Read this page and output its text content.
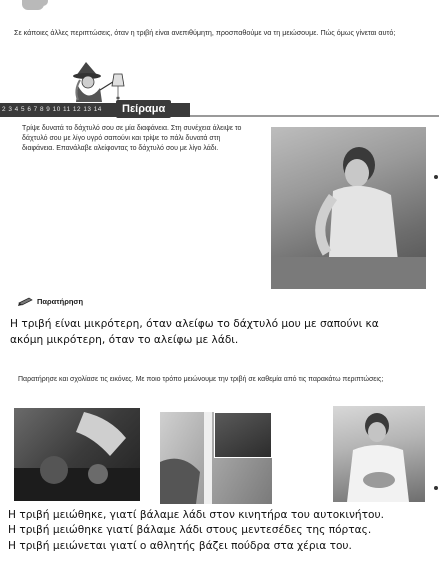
Σε κάποιες άλλες περιπτώσεις, όταν η τριβή είναι ανεπιθύμητη, προσπαθούμε να τη μειώσουμε. Πώς όμως γίνεται αυτό;

2 3 4 5 6 7 8 9 10 11 12 13 14	Πείραμα

Τρίψε δυνατά το δάχτυλό σου σε μία διαφάνεια. Στη συνέχεια άλειψε το δάχτυλό σου με λίγο υγρό σαπούνι και τρίψε το πάλι δυνατά στη διαφάνεια. Επανάλαβε αλείφοντας το δάχτυλό σου με λίγο λάδι.

Παρατήρηση
Η τριβή είναι μικρότερη, όταν αλείφω το δάχτυλό μου με σαπούνι κα
ακόμη μικρότερη, όταν το αλείφω με λάδι.

Παρατήρησε και σχολίασε τις εικόνες. Με ποιο τρόπο μειώνουμε την τριβή σε καθεμία από τις παρακάτω περιπτώσεις;

Η τριβή μειώθηκε, γιατί βάλαμε λάδι στον κινητήρα του αυτοκινήτου.
Η τριβή μειώθηκε γιατί βάλαμε λάδι στους μεντεσέδες της πόρτας.
Η τριβή μειώνεται γιατί ο αθλητής βάζει πούδρα στα χέρια του.
